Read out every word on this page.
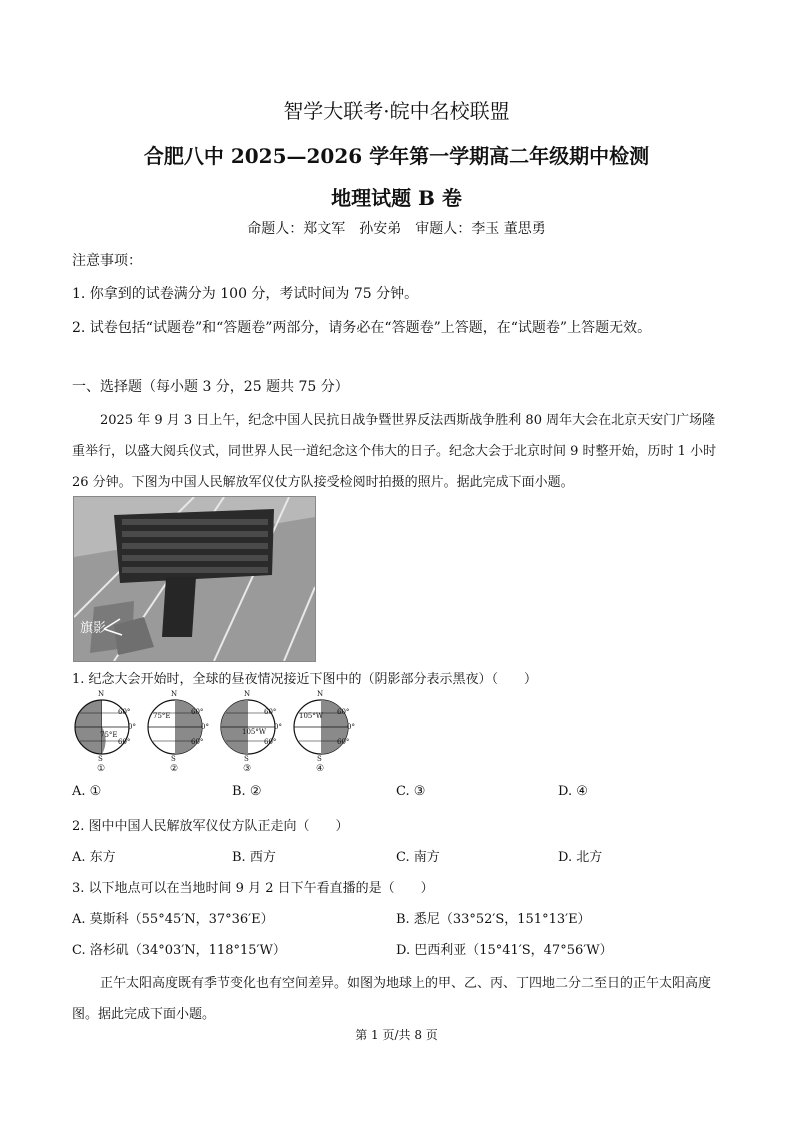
智学大联考·皖中名校联盟
合肥八中 2025—2026 学年第一学期高二年级期中检测
地理试题 B 卷
命题人：郑文军　孙安弟　审题人：李玉 董思勇
注意事项：
1. 你拿到的试卷满分为 100 分，考试时间为 75 分钟。
2. 试卷包括“试题卷”和“答题卷”两部分，请务必在“答题卷”上答题，在“试题卷”上答题无效。
一、选择题（每小题 3 分，25 题共 75 分）
2025 年 9 月 3 日上午，纪念中国人民抗日战争暨世界反法西斯战争胜利 80 周年大会在北京天安门广场隆重举行，以盛大阅兵仪式，同世界人民一道纪念这个伟大的日子。纪念大会于北京时间 9 时整开始，历时 1 小时 26 分钟。下图为中国人民解放军仪仗方队接受检阅时拍摄的照片。据此完成下面小题。
旗影
1. 纪念大会开始时，全球的昼夜情况接近下图中的（阴影部分表示黑夜）（　　）
N	N	N	N
S	S	S	S
60°
0°
60°
60°
0°
60°
60°
0°
60°
60°
0°
60°
75°E
75°E
105°W
105°W
①	②	③	④
A. ①	B. ②	C. ③	D. ④
2. 图中中国人民解放军仪仗方队正走向（　　）
A. 东方	B. 西方	C. 南方	D. 北方
3. 以下地点可以在当地时间 9 月 2 日下午看直播的是（　　）
A. 莫斯科（55°45′N，37°36′E）	B. 悉尼（33°52′S，151°13′E）
C. 洛杉矶（34°03′N，118°15′W）	D. 巴西利亚（15°41′S，47°56′W）
正午太阳高度既有季节变化也有空间差异。如图为地球上的甲、乙、丙、丁四地二分二至日的正午太阳高度图。据此完成下面小题。
第 1 页/共 8 页
